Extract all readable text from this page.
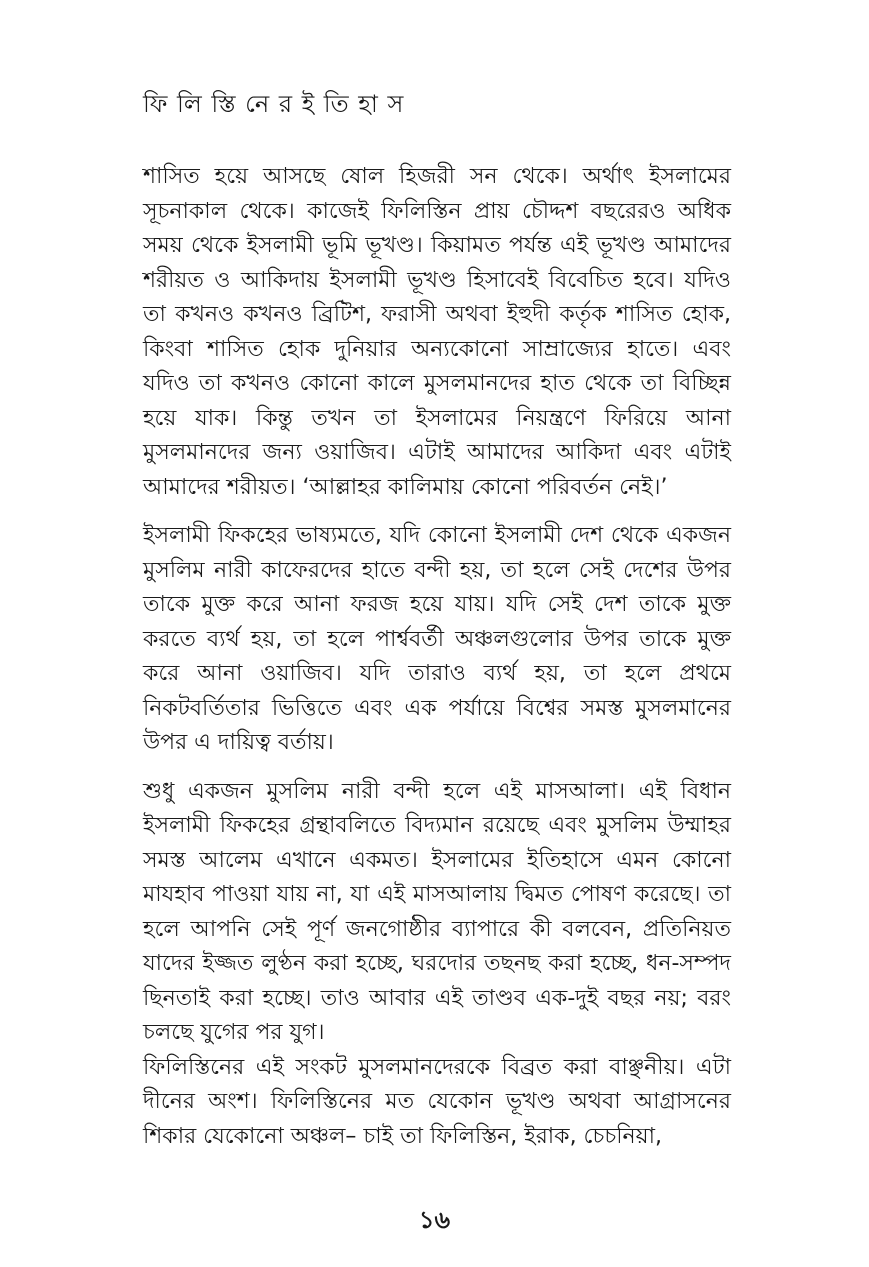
ফি লি স্তি নে র ই তি হা স

শাসিত হয়ে আসছে ষোল হিজরী সন থেকে। অর্থাৎ ইসলামের সূচনাকাল থেকে। কাজেই ফিলিস্তিন প্রায় চৌদ্দশ বছরেরও অধিক সময় থেকে ইসলামী ভূমি ভূখণ্ড। কিয়ামত পর্যন্ত এই ভূখণ্ড আমাদের শরীয়ত ও আকিদায় ইসলামী ভূখণ্ড হিসাবেই বিবেচিত হবে। যদিও তা কখনও কখনও ব্রিটিশ, ফরাসী অথবা ইহুদী কর্তৃক শাসিত হোক, কিংবা শাসিত হোক দুনিয়ার অন্যকোনো সাম্রাজ্যের হাতে। এবং যদিও তা কখনও কোনো কালে মুসলমানদের হাত থেকে তা বিচ্ছিন্ন হয়ে যাক। কিন্তু তখন তা ইসলামের নিয়ন্ত্রণে ফিরিয়ে আনা মুসলমানদের জন্য ওয়াজিব। এটাই আমাদের আকিদা এবং এটাই আমাদের শরীয়ত। ‘আল্লাহর কালিমায় কোনো পরিবর্তন নেই।’

ইসলামী ফিকহের ভাষ্যমতে, যদি কোনো ইসলামী দেশ থেকে একজন মুসলিম নারী কাফেরদের হাতে বন্দী হয়, তা হলে সেই দেশের উপর তাকে মুক্ত করে আনা ফরজ হয়ে যায়। যদি সেই দেশ তাকে মুক্ত করতে ব্যর্থ হয়, তা হলে পার্শ্ববর্তী অঞ্চলগুলোর উপর তাকে মুক্ত করে আনা ওয়াজিব। যদি তারাও ব্যর্থ হয়, তা হলে প্রথমে নিকটবর্তিতার ভিত্তিতে এবং এক পর্যায়ে বিশ্বের সমস্ত মুসলমানের উপর এ দায়িত্ব বর্তায়।

শুধু একজন মুসলিম নারী বন্দী হলে এই মাসআলা। এই বিধান ইসলামী ফিকহের গ্রন্থাবলিতে বিদ্যমান রয়েছে এবং মুসলিম উম্মাহর সমস্ত আলেম এখানে একমত। ইসলামের ইতিহাসে এমন কোনো মাযহাব পাওয়া যায় না, যা এই মাসআলায় দ্বিমত পোষণ করেছে। তা হলে আপনি সেই পূর্ণ জনগোষ্ঠীর ব্যাপারে কী বলবেন, প্রতিনিয়ত যাদের ইজ্জত লুণ্ঠন করা হচ্ছে, ঘরদোর তছনছ করা হচ্ছে, ধন-সম্পদ ছিনতাই করা হচ্ছে। তাও আবার এই তাণ্ডব এক-দুই বছর নয়; বরং চলছে যুগের পর যুগ।

ফিলিস্তিনের এই সংকট মুসলমানদেরকে বিব্রত করা বাঞ্ছনীয়। এটা দীনের অংশ। ফিলিস্তিনের মত যেকোন ভূখণ্ড অথবা আগ্রাসনের শিকার যেকোনো অঞ্চল– চাই তা ফিলিস্তিন, ইরাক, চেচনিয়া,

১৬
